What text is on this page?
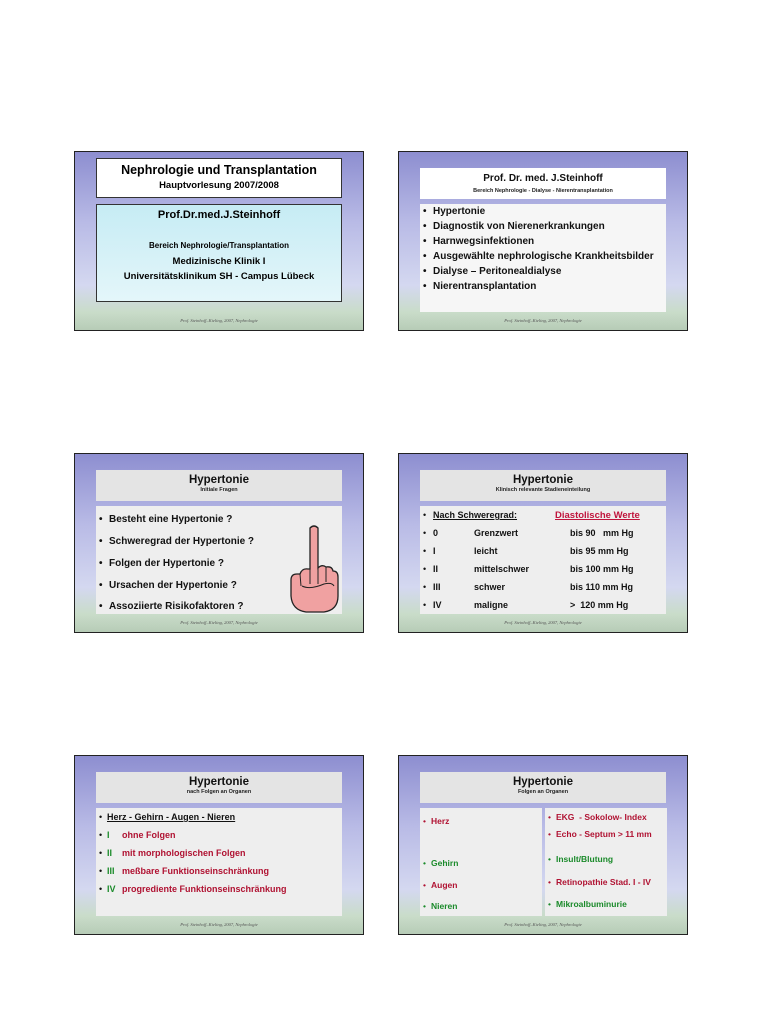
Nephrologie und Transplantation
Hauptvorlesung 2007/2008
Prof.Dr.med.J.Steinhoff
Bereich Nephrologie/Transplantation
Medizinische Klinik I
Universitätsklinikum SH - Campus Lübeck
Prof. Steinhoff–Kieling, 2007, Nephrologie
Prof. Dr. med. J.Steinhoff
Bereich Nephrologie - Dialyse - Nierentransplantation
• Hypertonie
• Diagnostik von Nierenerkrankungen
• Harnwegsinfektionen
• Ausgewählte nephrologische Krankheitsbilder
• Dialyse – Peritonealdialyse
• Nierentransplantation
Prof. Steinhoff–Kieling, 2007, Nephrologie
Hypertonie
Initiale Fragen
• Besteht eine Hypertonie ?
• Schweregrad der Hypertonie ?
• Folgen der Hypertonie ?
• Ursachen der Hypertonie ?
• Assoziierte Risikofaktoren ?
Prof. Steinhoff–Kieling, 2007, Nephrologie
Hypertonie
Klinisch relevante Stadieneinteilung
• Nach Schweregrad:	Diastolische Werte
• 0	Grenzwert	bis 90   mm Hg
• I	leicht	bis 95 mm Hg
• II	mittelschwer	bis 100 mm Hg
• III	schwer	bis 110 mm Hg
• IV	maligne	>  120 mm Hg
Prof. Steinhoff–Kieling, 2007, Nephrologie
Hypertonie
nach Folgen an Organen
• Herz - Gehirn - Augen - Nieren
• I ohne Folgen
• II mit morphologischen Folgen
• III meßbare Funktionseinschränkung
• IV progrediente Funktionseinschränkung
Prof. Steinhoff–Kieling, 2007, Nephrologie
Hypertonie
Folgen an Organen
• Herz
• Gehirn
• Augen
• Nieren
• EKG  - Sokolow- Index
• Echo - Septum > 11 mm
• Insult/Blutung
• Retinopathie Stad. I - IV
• Mikroalbuminurie
Prof. Steinhoff–Kieling, 2007, Nephrologie
